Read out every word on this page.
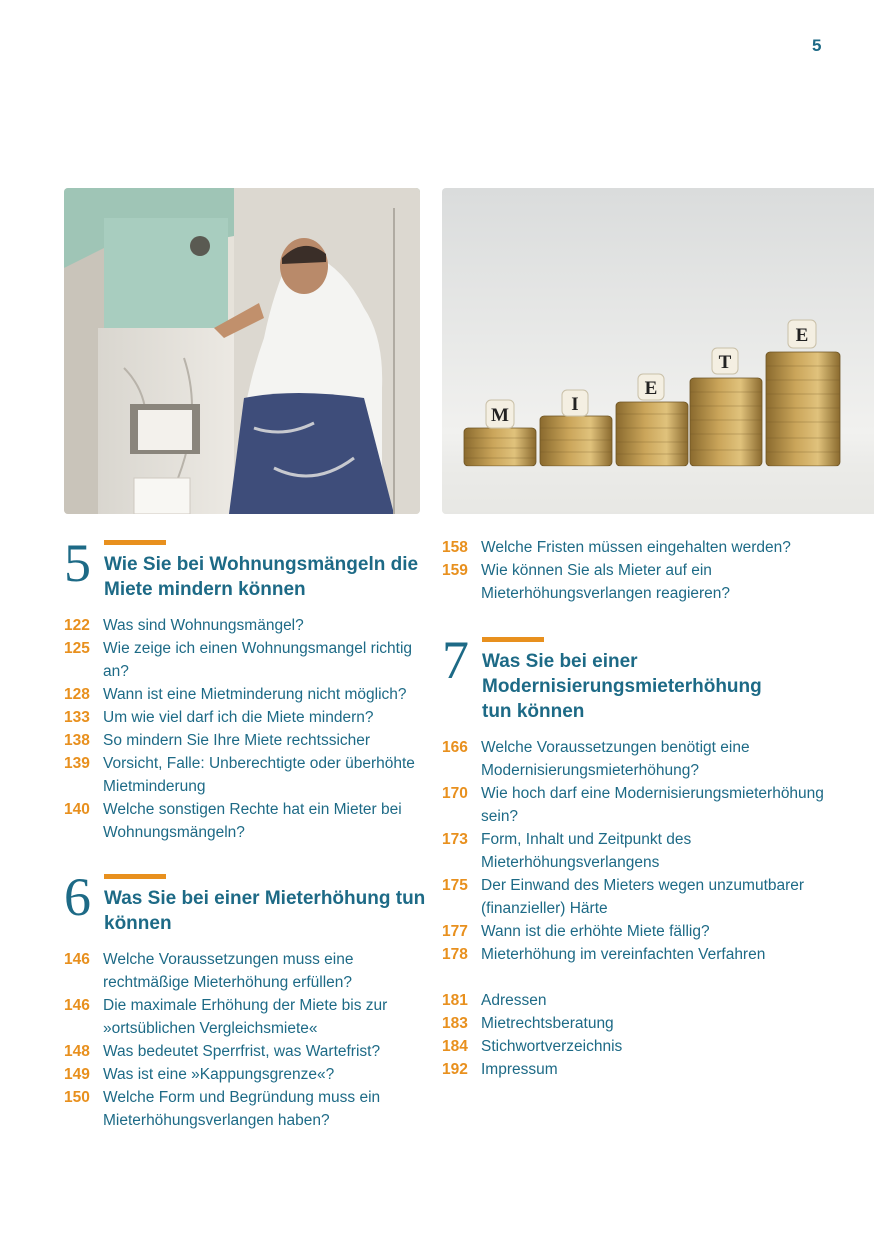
5
M
I
E
T
E
5 Wie Sie bei Wohnungsmängeln die Miete mindern können
122 Was sind Wohnungsmängel?
125 Wie zeige ich einen Wohnungsmangel richtig an?
128 Wann ist eine Mietminderung nicht möglich?
133 Um wie viel darf ich die Miete mindern?
138 So mindern Sie Ihre Miete rechtssicher
139 Vorsicht, Falle: Unberechtigte oder überhöhte Mietminderung
140 Welche sonstigen Rechte hat ein Mieter bei Wohnungsmängeln?
6 Was Sie bei einer Mieterhöhung tun können
146 Welche Voraussetzungen muss eine rechtmäßige Mieterhöhung erfüllen?
146 Die maximale Erhöhung der Miete bis zur »ortsüblichen Vergleichsmiete«
148 Was bedeutet Sperrfrist, was Wartefrist?
149 Was ist eine »Kappungsgrenze«?
150 Welche Form und Begründung muss ein Mieterhöhungsverlangen haben?
158 Welche Fristen müssen eingehalten werden?
159 Wie können Sie als Mieter auf ein Mieterhöhungsverlangen reagieren?
7 Was Sie bei einer Modernisierungsmieterhöhung tun können
166 Welche Voraussetzungen benötigt eine Modernisierungsmieterhöhung?
170 Wie hoch darf eine Modernisierungsmieterhöhung sein?
173 Form, Inhalt und Zeitpunkt des Mieterhöhungsverlangens
175 Der Einwand des Mieters wegen unzumutbarer (finanzieller) Härte
177 Wann ist die erhöhte Miete fällig?
178 Mieterhöhung im vereinfachten Verfahren
181 Adressen
183 Mietrechtsberatung
184 Stichwortverzeichnis
192 Impressum
